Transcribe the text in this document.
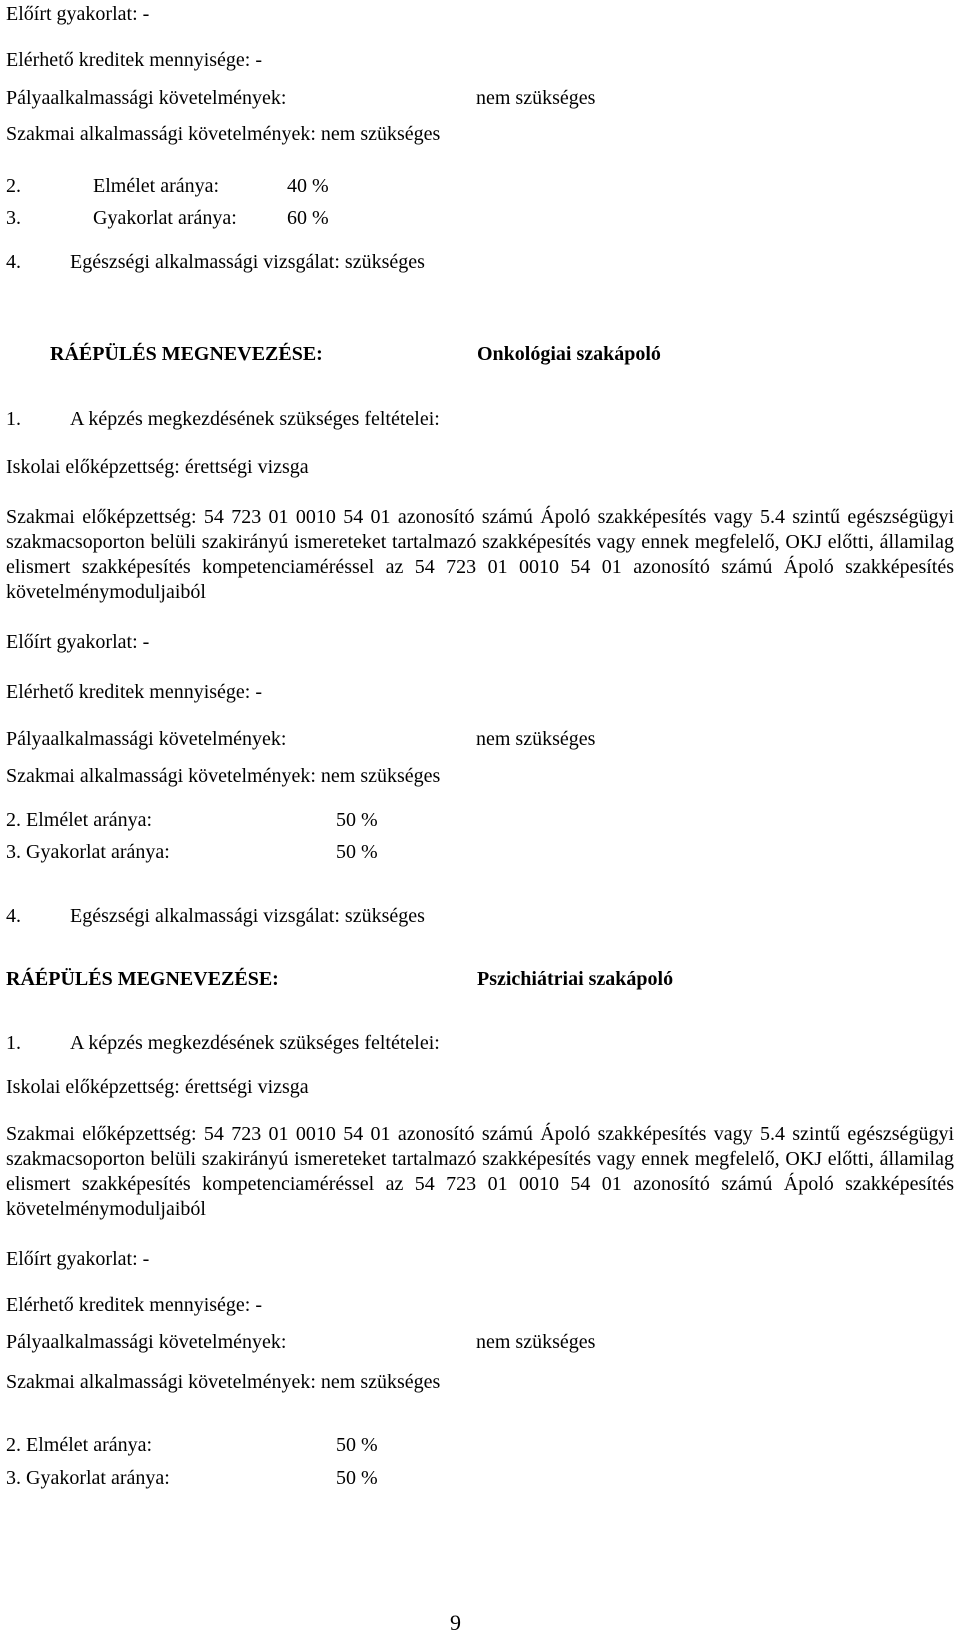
Előírt gyakorlat: -
Elérhető kreditek mennyisége: -
Pályaalkalmassági követelmények:	nem szükséges
Szakmai alkalmassági követelmények: nem szükséges
2.	Elmélet aránya:	40 %
3.	Gyakorlat aránya:	60 %
4. Egészségi alkalmassági vizsgálat: szükséges
RÁÉPÜLÉS MEGNEVEZÉSE:	Onkológiai szakápoló
1. A képzés megkezdésének szükséges feltételei:
Iskolai előképzettség: érettségi vizsga
Szakmai előképzettség: 54 723 01 0010 54 01 azonosító számú Ápoló szakképesítés vagy 5.4 szintű egészségügyi szakmacsoporton belüli szakirányú ismereteket tartalmazó szakképesítés vagy ennek megfelelő, OKJ előtti, államilag elismert szakképesítés kompetenciaméréssel az 54 723 01 0010 54 01 azonosító számú Ápoló szakképesítés követelménymoduljaiból
Előírt gyakorlat: -
Elérhető kreditek mennyisége: -
Pályaalkalmassági követelmények:	nem szükséges
Szakmai alkalmassági követelmények: nem szükséges
2. Elmélet aránya:	50 %
3. Gyakorlat aránya:	50 %
4. Egészségi alkalmassági vizsgálat: szükséges
RÁÉPÜLÉS MEGNEVEZÉSE:	Pszichiátriai szakápoló
1. A képzés megkezdésének szükséges feltételei:
Iskolai előképzettség: érettségi vizsga
Szakmai előképzettség: 54 723 01 0010 54 01 azonosító számú Ápoló szakképesítés vagy 5.4 szintű egészségügyi szakmacsoporton belüli szakirányú ismereteket tartalmazó szakképesítés vagy ennek megfelelő, OKJ előtti, államilag elismert szakképesítés kompetenciaméréssel az 54 723 01 0010 54 01 azonosító számú Ápoló szakképesítés követelménymoduljaiból
Előírt gyakorlat: -
Elérhető kreditek mennyisége: -
Pályaalkalmassági követelmények:	nem szükséges
Szakmai alkalmassági követelmények: nem szükséges
2. Elmélet aránya:	50 %
3. Gyakorlat aránya:	50 %
9
